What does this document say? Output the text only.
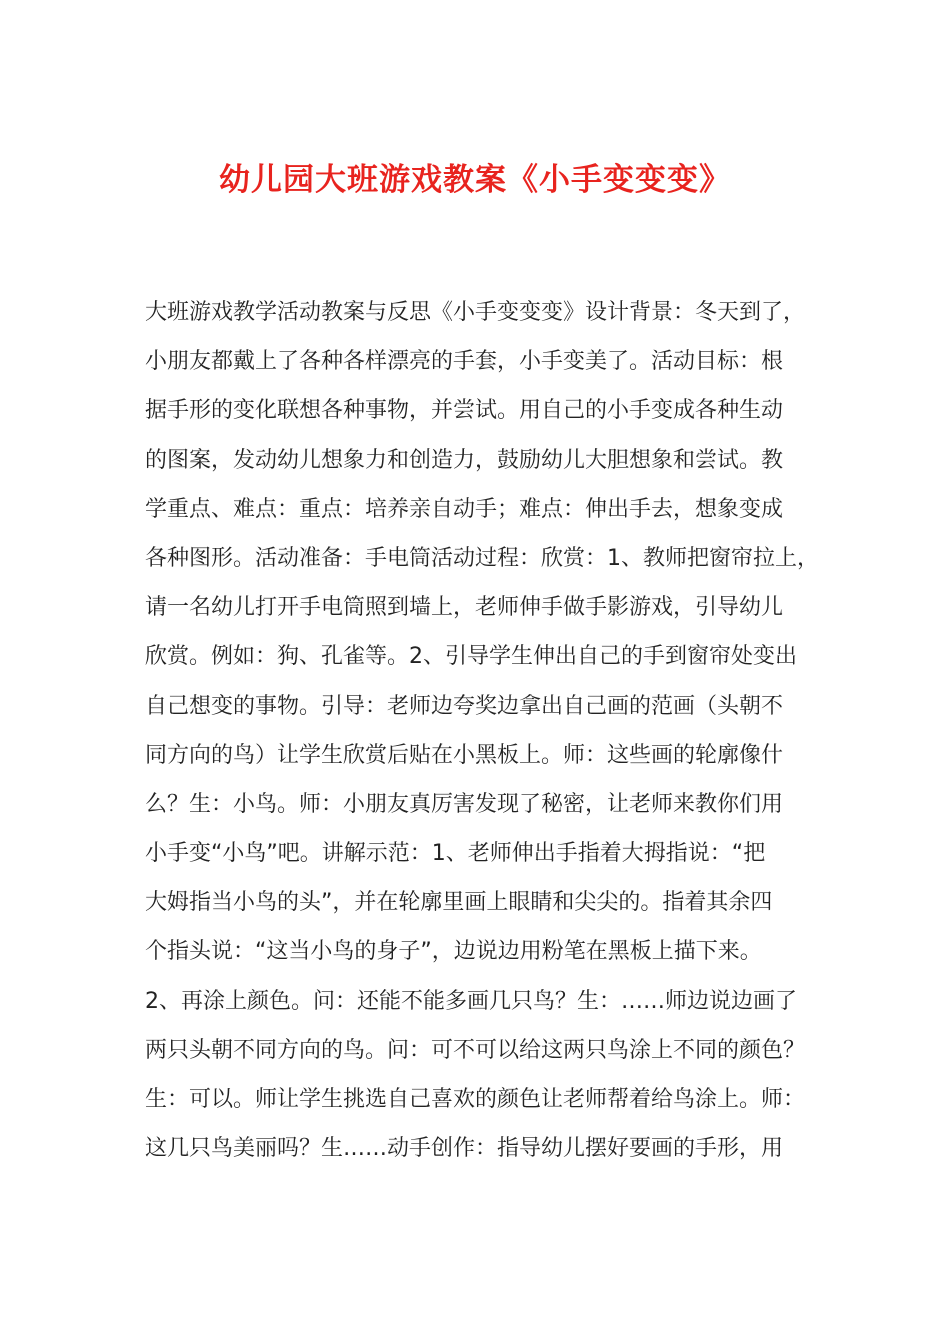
幼儿园大班游戏教案《小手变变变》

大班游戏教学活动教案与反思《小手变变变》设计背景：冬天到了，

小朋友都戴上了各种各样漂亮的手套，小手变美了。活动目标：根

据手形的变化联想各种事物，并尝试。用自己的小手变成各种生动

的图案，发动幼儿想象力和创造力，鼓励幼儿大胆想象和尝试。教

学重点、难点：重点：培养亲自动手；难点：伸出手去，想象变成

各种图形。活动准备：手电筒活动过程：欣赏：1、教师把窗帘拉上，

请一名幼儿打开手电筒照到墙上，老师伸手做手影游戏，引导幼儿

欣赏。例如：狗、孔雀等。2、引导学生伸出自己的手到窗帘处变出

自己想变的事物。引导：老师边夸奖边拿出自己画的范画（头朝不

同方向的鸟）让学生欣赏后贴在小黑板上。师：这些画的轮廓像什

么？生：小鸟。师：小朋友真厉害发现了秘密，让老师来教你们用

小手变“小鸟”吧。讲解示范：1、老师伸出手指着大拇指说：“把

大姆指当小鸟的头”，并在轮廓里画上眼睛和尖尖的。指着其余四

个指头说：“这当小鸟的身子”，边说边用粉笔在黑板上描下来。

2、再涂上颜色。问：还能不能多画几只鸟？生：……师边说边画了

两只头朝不同方向的鸟。问：可不可以给这两只鸟涂上不同的颜色？

生：可以。师让学生挑选自己喜欢的颜色让老师帮着给鸟涂上。师：

这几只鸟美丽吗？生……动手创作：指导幼儿摆好要画的手形，用
